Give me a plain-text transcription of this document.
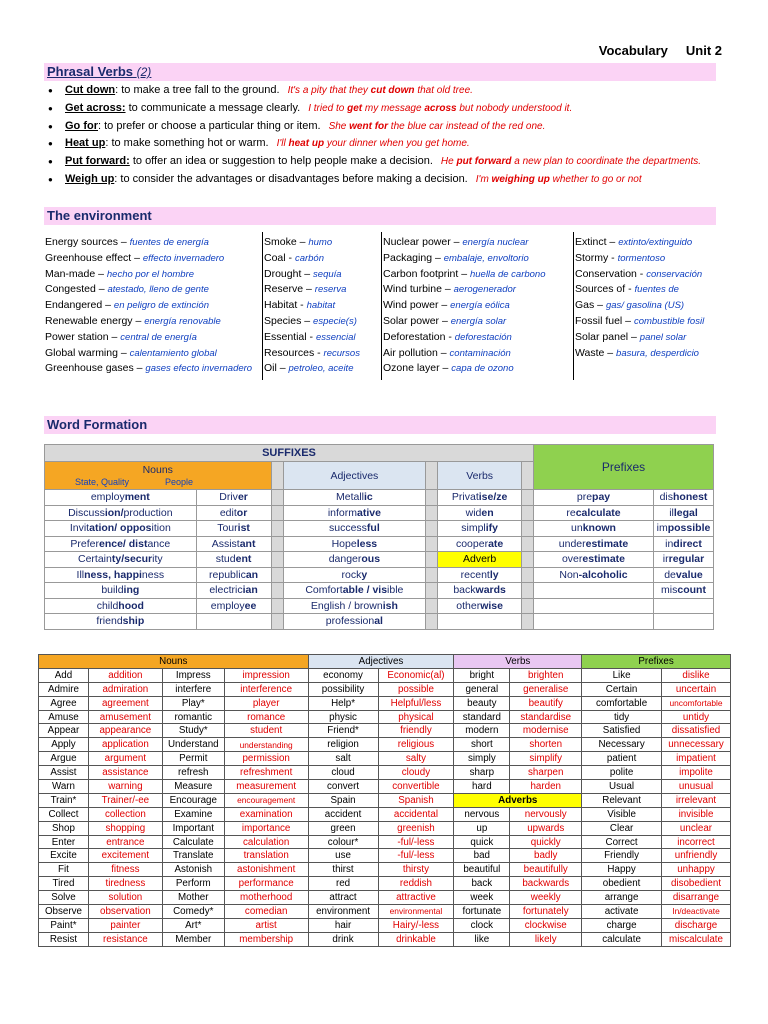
Vocabulary Unit 2
Phrasal Verbs (2)
● Cut down: to make a tree fall to the ground. It's a pity that they cut down that old tree.
● Get across: to communicate a message clearly. I tried to get my message across but nobody understood it.
● Go for: to prefer or choose a particular thing or item. She went for the blue car instead of the red one.
● Heat up: to make something hot or warm. I'll heat up your dinner when you get home.
● Put forward: to offer an idea or suggestion to help people make a decision. He put forward a new plan to coordinate the departments.
● Weigh up: to consider the advantages or disadvantages before making a decision. I'm weighing up whether to go or not
The environment
Energy sources – fuentes de energía
Greenhouse effect – effecto invernadero
Man-made – hecho por el hombre
Congested – atestado, lleno de gente
Endangered – en peligro de extinción
Renewable energy – energía renovable
Power station – central de energía
Global warming – calentamiento global
Greenhouse gases – gases efecto invernadero
Smoke – humo
Coal - carbón
Drought – sequía
Reserve – reserva
Habitat - habitat
Species – especie(s)
Essential - essencial
Resources - recursos
Oil – petroleo, aceite
Nuclear power – energía nuclear
Packaging – embalaje, envoltorio
Carbon footprint – huella de carbono
Wind turbine – aerogenerador
Wind power – energía eólica
Solar power – energía solar
Deforestation - deforestación
Air pollution – contaminación
Ozone layer – capa de ozono
Extinct – extinto/extinguido
Stormy - tormentoso
Conservation - conservación
Sources of - fuentes de
Gas – gas/ gasolina (US)
Fossil fuel – combustible fosil
Solar panel – panel solar
Waste – basura, desperdicio
Word Formation
SUFFIXES							Prefixes	
Nouns
State, Quality People			Adjectives		Verbs			
employment	Driver		Metallic		Privatise/ze		prepay	dishonest
Discussion/production	editor		informative		widen		recalculate	illegal
Invitation/ opposition	Tourist		successful		simplify		unknown	impossible
Preference/ distance	Assistant		Hopeless		cooperate		underestimate	indirect
Certainty/security	student		dangerous		Adverb		overestimate	irregular
Illness, happiness	republican		rocky		recently		Non-alcoholic	devalue
building	electrician		Comfortable / visible		backwards			miscount
childhood	employee		English / brownish		otherwise			
friendship			professional					
Nouns				Adjectives		Verbs		Prefixes	
Add	addition	Impress	impression	economy	Economic(al)	bright	brighten	Like	dislike
Admire	admiration	interfere	interference	possibility	possible	general	generalise	Certain	uncertain
Agree	agreement	Play*	player	Help*	Helpful/less	beauty	beautify	comfortable	uncomfortable
Amuse	amusement	romantic	romance	physic	physical	standard	standardise	tidy	untidy
Appear	appearance	Study*	student	Friend*	friendly	modern	modernise	Satisfied	dissatisfied
Apply	application	Understand	understanding	religion	religious	short	shorten	Necessary	unnecessary
Argue	argument	Permit	permission	salt	salty	simply	simplify	patient	impatient
Assist	assistance	refresh	refreshment	cloud	cloudy	sharp	sharpen	polite	impolite
Warn	warning	Measure	measurement	convert	convertible	hard	harden	Usual	unusual
Train*	Trainer/-ee	Encourage	encouragement	Spain	Spanish	Adverbs		Relevant	irrelevant
Collect	collection	Examine	examination	accident	accidental	nervous	nervously	Visible	invisible
Shop	shopping	Important	importance	green	greenish	up	upwards	Clear	unclear
Enter	entrance	Calculate	calculation	colour*	-ful/-less	quick	quickly	Correct	incorrect
Excite	excitement	Translate	translation	use	-ful/-less	bad	badly	Friendly	unfriendly
Fit	fitness	Astonish	astonishment	thirst	thirsty	beautiful	beautifully	Happy	unhappy
Tired	tiredness	Perform	performance	red	reddish	back	backwards	obedient	disobedient
Solve	solution	Mother	motherhood	attract	attractive	week	weekly	arrange	disarrange
Observe	observation	Comedy*	comedian	environment	environmental	fortunate	fortunately	activate	In/deactivate
Paint*	painter	Art*	artist	hair	Hairy/-less	clock	clockwise	charge	discharge
Resist	resistance	Member	membership	drink	drinkable	like	likely	calculate	miscalculate
